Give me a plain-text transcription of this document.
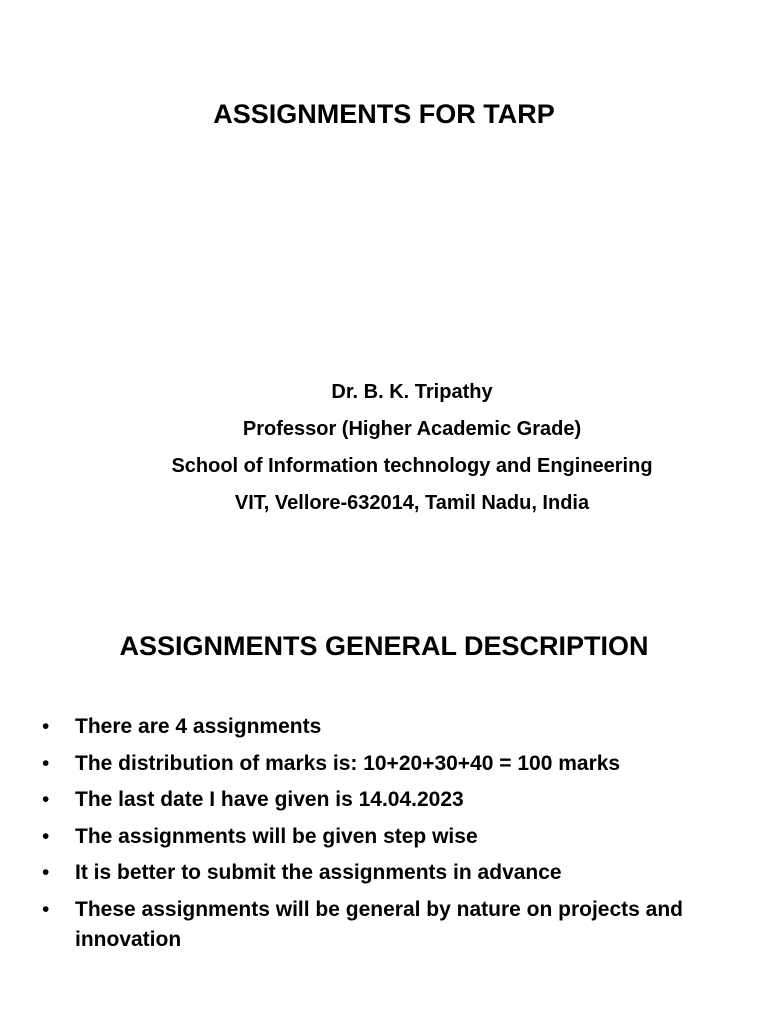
ASSIGNMENTS FOR TARP
Dr. B. K. Tripathy
Professor (Higher Academic Grade)
School of Information technology and Engineering
VIT, Vellore-632014, Tamil Nadu, India
ASSIGNMENTS GENERAL DESCRIPTION
• There are 4 assignments
• The distribution of marks is: 10+20+30+40 = 100 marks
• The last date I have given is 14.04.2023
• The assignments will be given step wise
• It is better to submit the assignments in advance
• These assignments will be general by nature on projects and innovation
